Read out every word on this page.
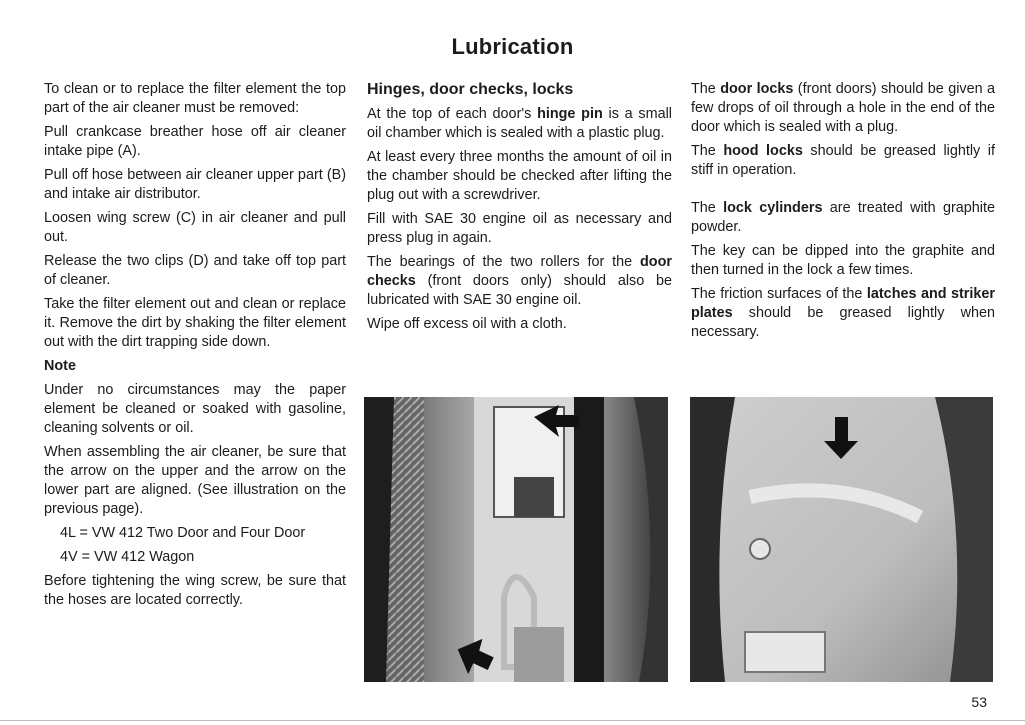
Lubrication

To clean or to replace the filter element the top part of the air cleaner must be removed:

Pull crankcase breather hose off air cleaner intake pipe (A).

Pull off hose between air cleaner upper part (B) and intake air distributor.

Loosen wing screw (C) in air cleaner and pull out.

Release the two clips (D) and take off top part of cleaner.

Take the filter element out and clean or replace it. Remove the dirt by shaking the filter element out with the dirt trapping side down.

Note

Under no circumstances may the paper element be cleaned or soaked with gasoline, cleaning solvents or oil.

When assembling the air cleaner, be sure that the arrow on the upper and the arrow on the lower part are aligned. (See illustration on the previous page).

4L = VW 412 Two Door and Four Door

4V = VW 412 Wagon

Before tightening the wing screw, be sure that the hoses are located correctly.

Hinges, door checks, locks

At the top of each door's hinge pin is a small oil chamber which is sealed with a plastic plug.

At least every three months the amount of oil in the chamber should be checked after lifting the plug out with a screwdriver.

Fill with SAE 30 engine oil as necessary and press plug in again.

The bearings of the two rollers for the door checks (front doors only) should also be lubricated with SAE 30 engine oil.

Wipe off excess oil with a cloth.

The door locks (front doors) should be given a few drops of oil through a hole in the end of the door which is sealed with a plug.

The hood locks should be greased lightly if stiff in operation.

The lock cylinders are treated with graphite powder.

The key can be dipped into the graphite and then turned in the lock a few times.

The friction surfaces of the latches and striker plates should be greased lightly when necessary.

53
